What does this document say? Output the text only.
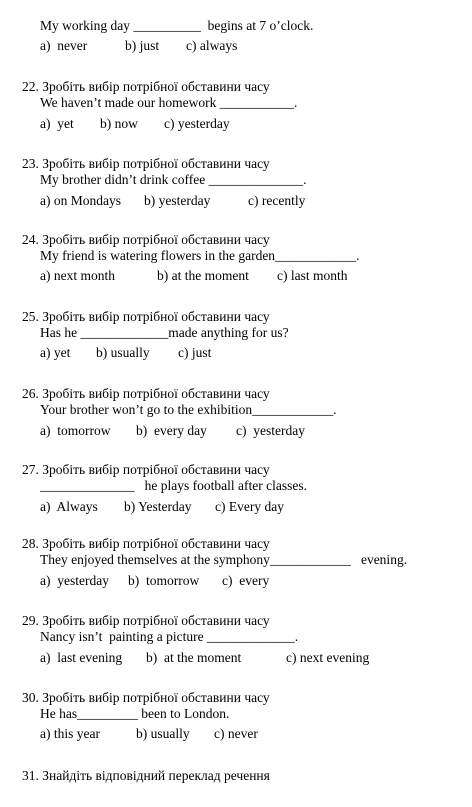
My working day __________  begins at 7 o’clock.
a)  never	b) just c) always
22. Зробіть вибір потрібної обставини часу
We haven’t made our homework ___________.
a)  yet b) now c) yesterday
23. Зробіть вибір потрібної обставини часу
My brother didn’t drink coffee ______________.
a) on Mondays b) yesterday	c) recently
24. Зробіть вибір потрібної обставини часу
My friend is watering flowers in the garden____________.
a) next month	b) at the moment c) last month
25. Зробіть вибір потрібної обставини часу
Has he _____________made anything for us?
a) yet b) usually c) just
26. Зробіть вибір потрібної обставини часу
Your brother won’t go to the exhibition____________.
a)  tomorrow b)  every day c)  yesterday
27. Зробіть вибір потрібної обставини часу
______________   he plays football after classes.
a)  Always b) Yesterday c) Every day
28. Зробіть вибір потрібної обставини часу
They enjoyed themselves at the symphony____________   evening.
a)  yesterday b)  tomorrow c)  every
29. Зробіть вибір потрібної обставини часу
Nancy isn’t  painting a picture _____________.
a)  last evening b)  at the moment	c) next evening
30. Зробіть вибір потрібної обставини часу
He has_________ been to London.
a) this year	b) usually c) never
31. Знайдіть відповідний переклад речення
